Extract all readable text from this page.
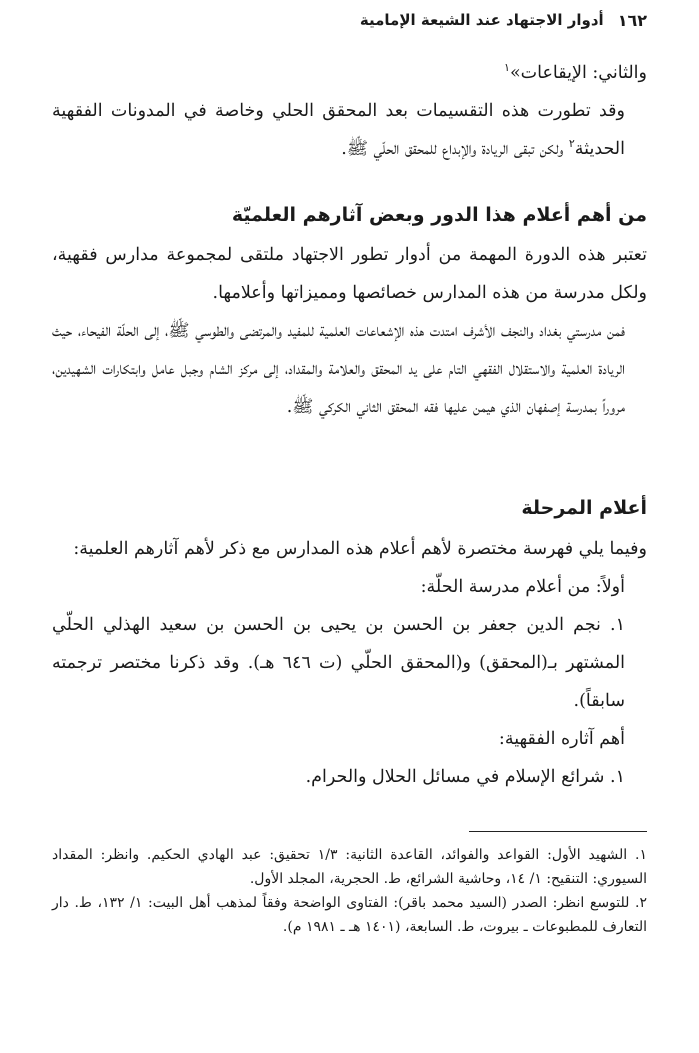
١٦٢
أدوار الاجتهاد عند الشيعة الإمامية

والثاني: الإيقاعات»$^١$

وقد تطورت هذه التقسيمات بعد المحقق الحلي وخاصة في المدونات الفقهية الحديثة$^٢$ ولكن تبقى الريادة والإبداع للمحقق الحلّي ﷺ.

من أهم أعلام هذا الدور وبعض آثارهم العلميّة

تعتبر هذه الدورة المهمة من أدوار تطور الاجتهاد ملتقى لمجموعة مدارس فقهية، ولكل مدرسة من هذه المدارس خصائصها ومميزاتها وأعلامها.

فمن مدرستي بغداد والنجف الأشرف امتدت هذه الإشعاعات العلمية للمفيد والمرتضى والطوسي ﷺ، إلى الحلّة الفيحاء، حيث الريادة العلمية والاستقلال الفقهي التام على يد المحقق والعلامة والمقداد، إلى مركز الشام وجبل عامل وابتكارات الشهيدين، مروراً بمدرسة إصفهان الذي هيمن عليها فقه المحقق الثاني الكركي ﷺ.

أعلام المرحلة

وفيما يلي فهرسة مختصرة لأهم أعلام هذه المدارس مع ذكر لأهم آثارهم العلمية:

أولاً: من أعلام مدرسة الحلّة:

١. نجم الدين جعفر بن الحسن بن يحيى بن الحسن بن سعيد الهذلي الحلّي المشتهر بـ(المحقق) و(المحقق الحلّي (ت ٦٤٦ هـ). وقد ذكرنا مختصر ترجمته سابقاً).

أهم آثاره الفقهية:

١. شرائع الإسلام في مسائل الحلال والحرام.

١. الشهيد الأول: القواعد والفوائد، القاعدة الثانية: ١/٣ تحقيق: عبد الهادي الحكيم. وانظر: المقداد السيوري: التنقيح: ١/ ١٤، وحاشية الشرائع، ط. الحجرية، المجلد الأول.

٢. للتوسع انظر: الصدر (السيد محمد باقر): الفتاوى الواضحة وفقاً لمذهب أهل البيت: ١/ ١٣٢، ط. دار التعارف للمطبوعات ـ بيروت، ط. السابعة، (١٤٠١ هـ ـ ١٩٨١ م).
